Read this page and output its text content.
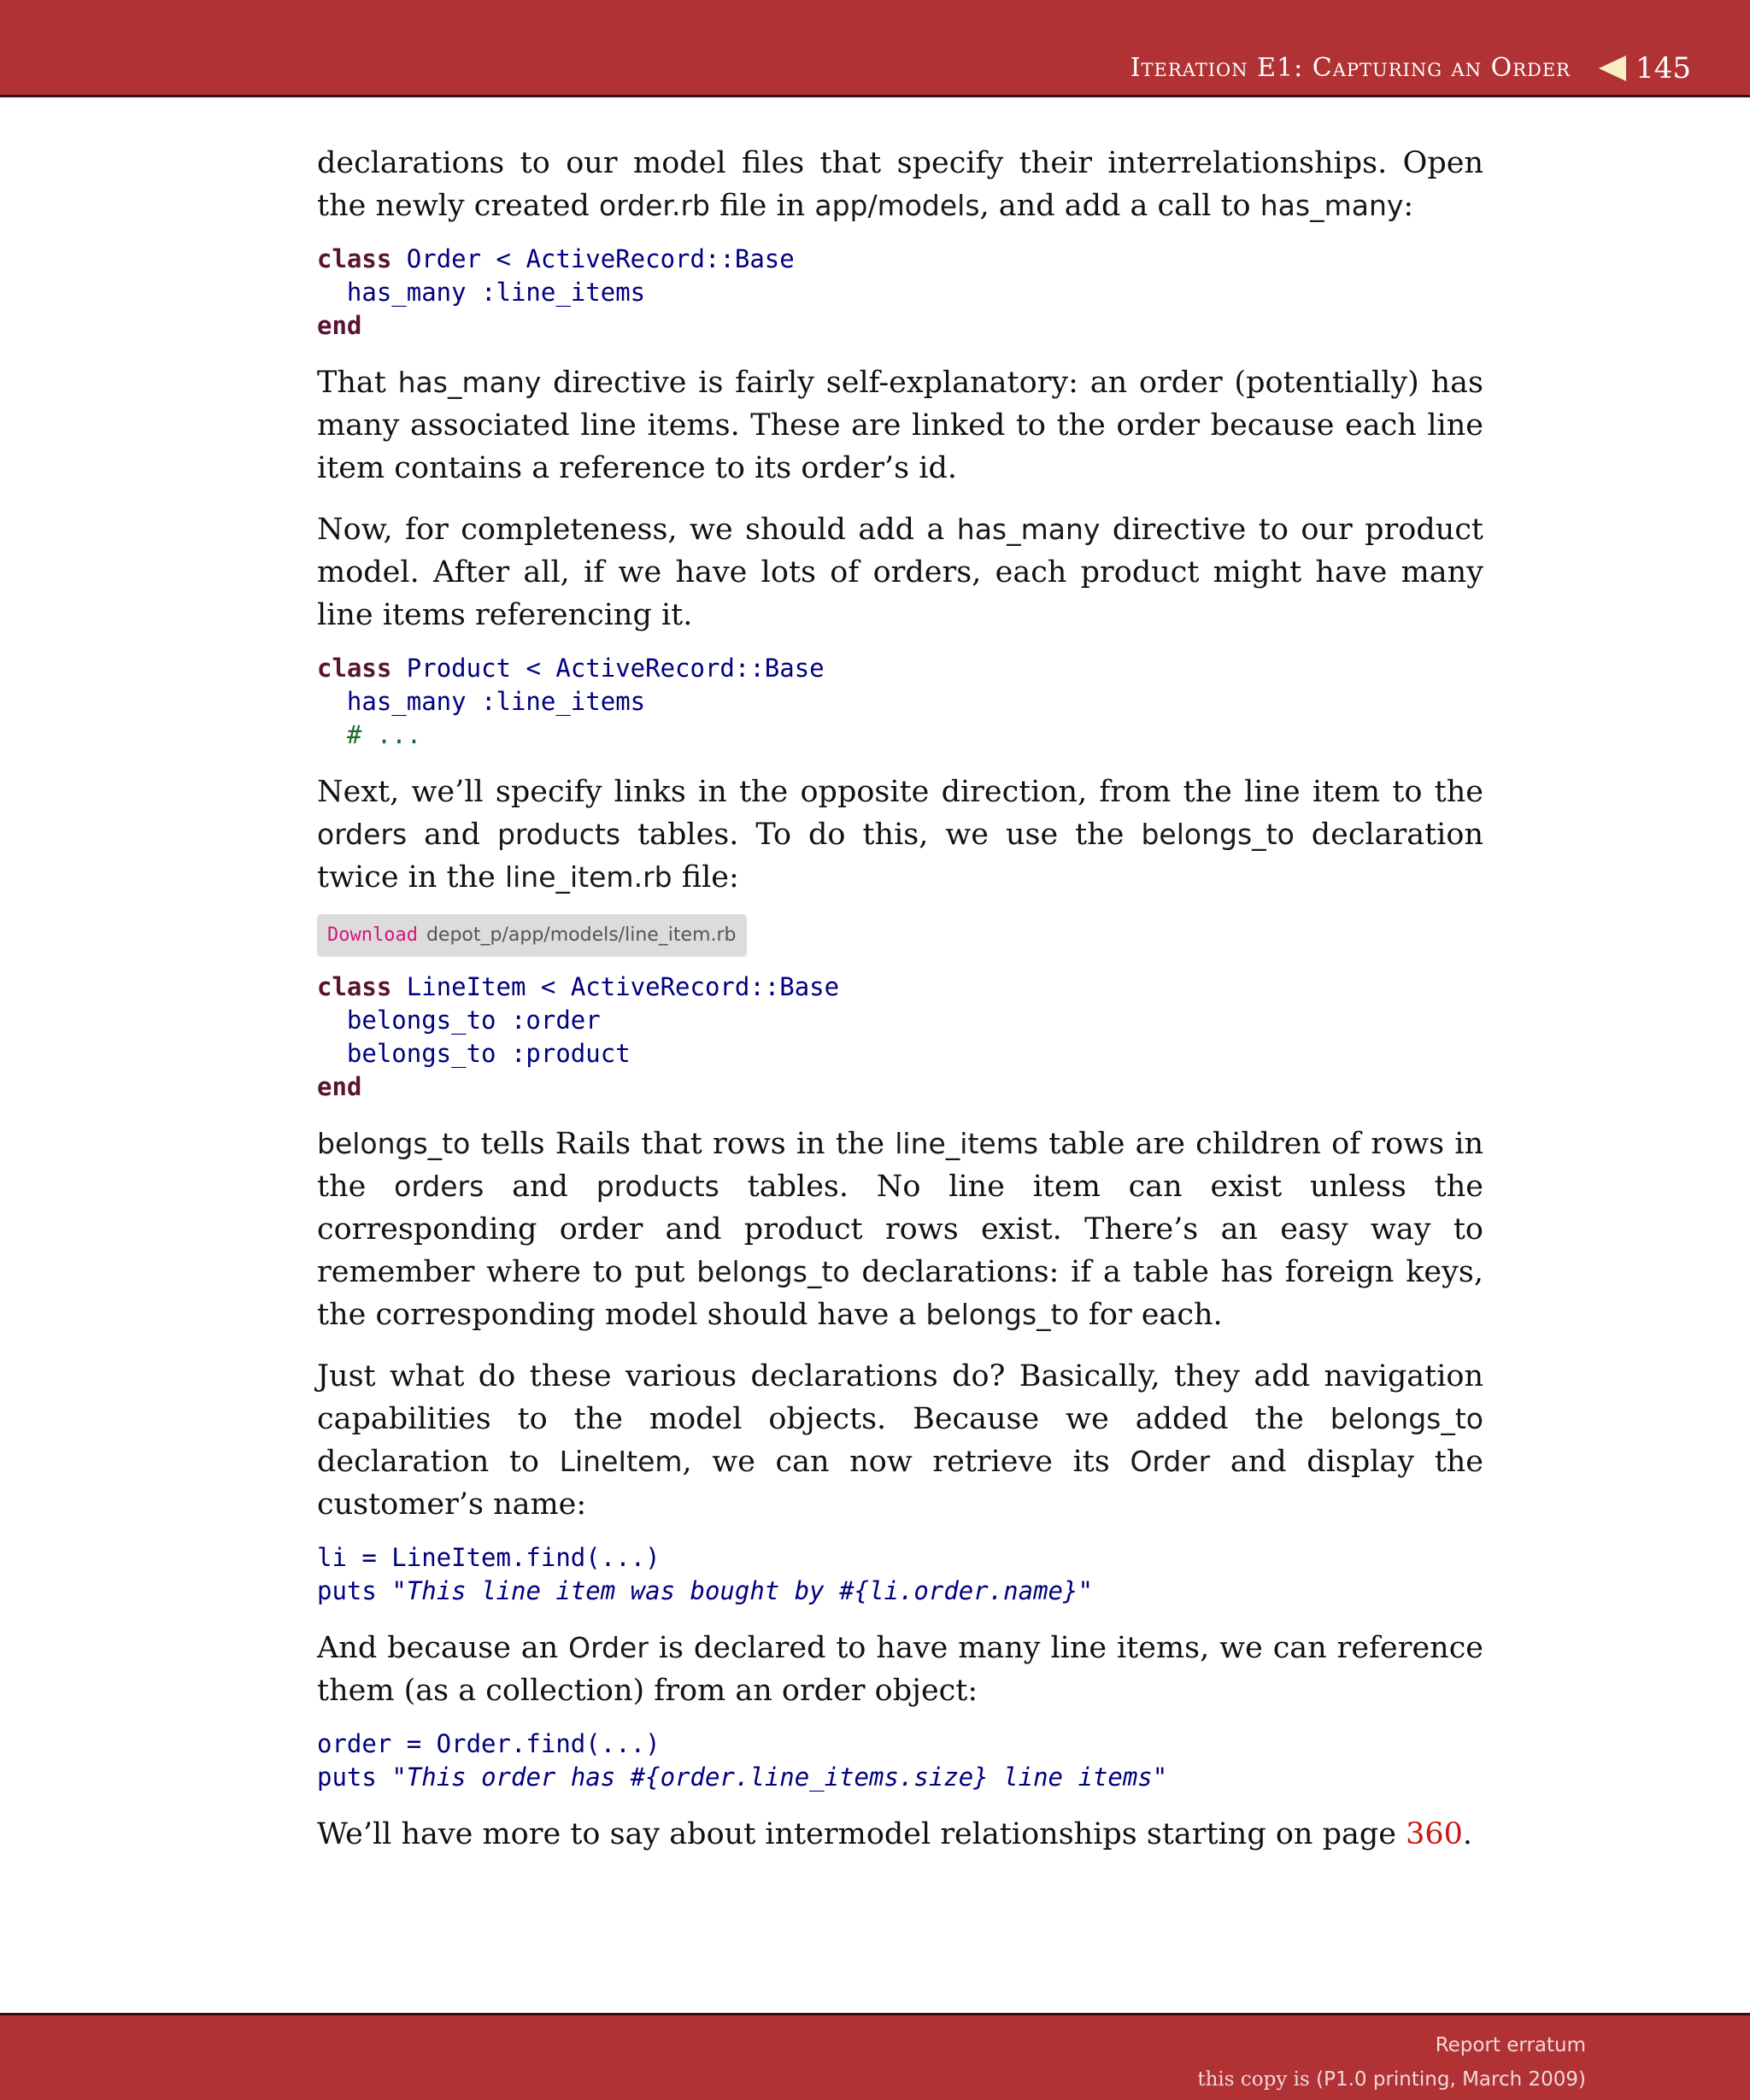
Iteration E1: Capturing an Order 145

declarations to our model files that specify their interrelationships. Open the newly created order.rb file in app/models, and add a call to has_many:

class Order < ActiveRecord::Base
has_many :line_items
end

That has_many directive is fairly self-explanatory: an order (potentially) has many associated line items. These are linked to the order because each line item contains a reference to its order’s id.

Now, for completeness, we should add a has_many directive to our product model. After all, if we have lots of orders, each product might have many line items referencing it.

class Product < ActiveRecord::Base
has_many :line_items
# ...

Next, we’ll specify links in the opposite direction, from the line item to the orders and products tables. To do this, we use the belongs_to declaration twice in the line_item.rb file:

Download depot_p/app/models/line_item.rb
class LineItem < ActiveRecord::Base
belongs_to :order
belongs_to :product
end

belongs_to tells Rails that rows in the line_items table are children of rows in the orders and products tables. No line item can exist unless the corresponding order and product rows exist. There’s an easy way to remember where to put belongs_to declarations: if a table has foreign keys, the corresponding model should have a belongs_to for each.

Just what do these various declarations do? Basically, they add navigation capabilities to the model objects. Because we added the belongs_to declaration to LineItem, we can now retrieve its Order and display the customer’s name:

li = LineItem.find(...)
puts "This line item was bought by #{li.order.name}"

And because an Order is declared to have many line items, we can reference them (as a collection) from an order object:

order = Order.find(...)
puts "This order has #{order.line_items.size} line items"

We’ll have more to say about intermodel relationships starting on page 360.

Report erratum
this copy is (P1.0 printing, March 2009)
